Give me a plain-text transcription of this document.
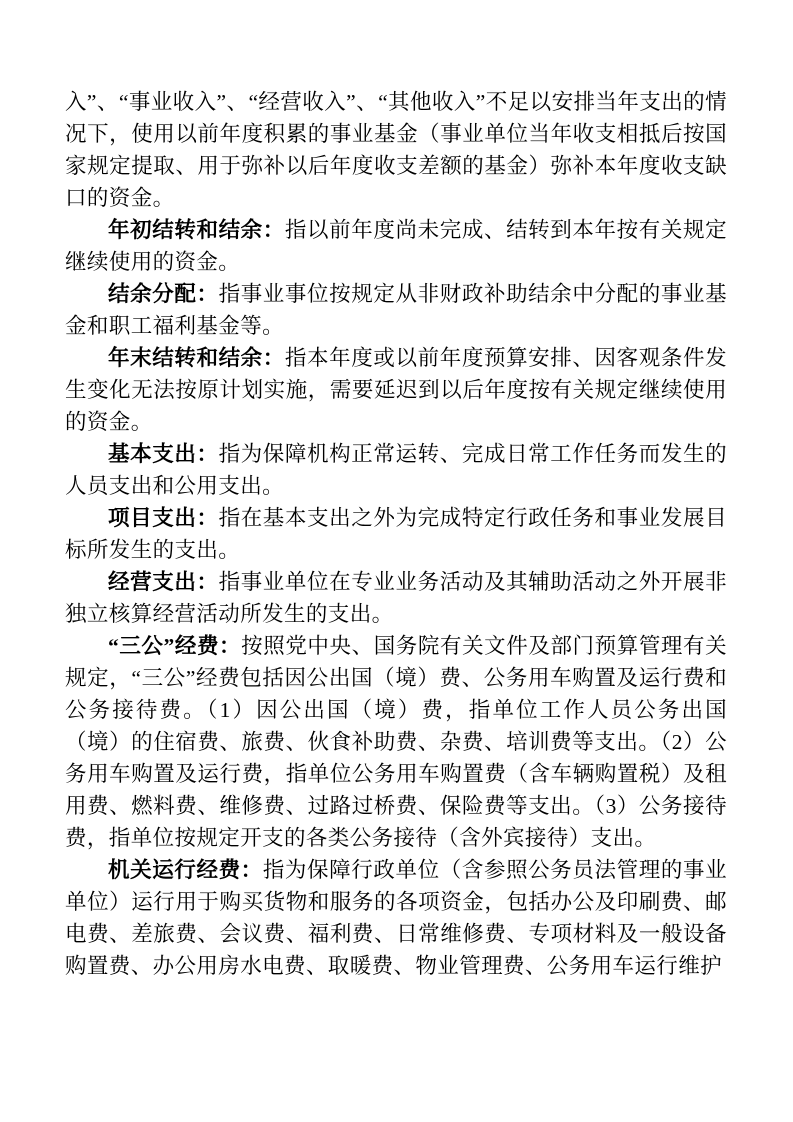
入”、“事业收入”、“经营收入”、“其他收入”不足以安排当年支出的情况下，使用以前年度积累的事业基金（事业单位当年收支相抵后按国家规定提取、用于弥补以后年度收支差额的基金）弥补本年度收支缺口的资金。

年初结转和结余：指以前年度尚未完成、结转到本年按有关规定继续使用的资金。

结余分配：指事业事位按规定从非财政补助结余中分配的事业基金和职工福利基金等。

年末结转和结余：指本年度或以前年度预算安排、因客观条件发生变化无法按原计划实施，需要延迟到以后年度按有关规定继续使用的资金。

基本支出：指为保障机构正常运转、完成日常工作任务而发生的人员支出和公用支出。

项目支出：指在基本支出之外为完成特定行政任务和事业发展目标所发生的支出。

经营支出：指事业单位在专业业务活动及其辅助活动之外开展非独立核算经营活动所发生的支出。

“三公”经费：按照党中央、国务院有关文件及部门预算管理有关规定，“三公”经费包括因公出国（境）费、公务用车购置及运行费和公务接待费。（1）因公出国（境）费，指单位工作人员公务出国（境）的住宿费、旅费、伙食补助费、杂费、培训费等支出。（2）公务用车购置及运行费，指单位公务用车购置费（含车辆购置税）及租用费、燃料费、维修费、过路过桥费、保险费等支出。（3）公务接待费，指单位按规定开支的各类公务接待（含外宾接待）支出。

机关运行经费：指为保障行政单位（含参照公务员法管理的事业单位）运行用于购买货物和服务的各项资金，包括办公及印刷费、邮电费、差旅费、会议费、福利费、日常维修费、专项材料及一般设备购置费、办公用房水电费、取暖费、物业管理费、公务用车运行维护
